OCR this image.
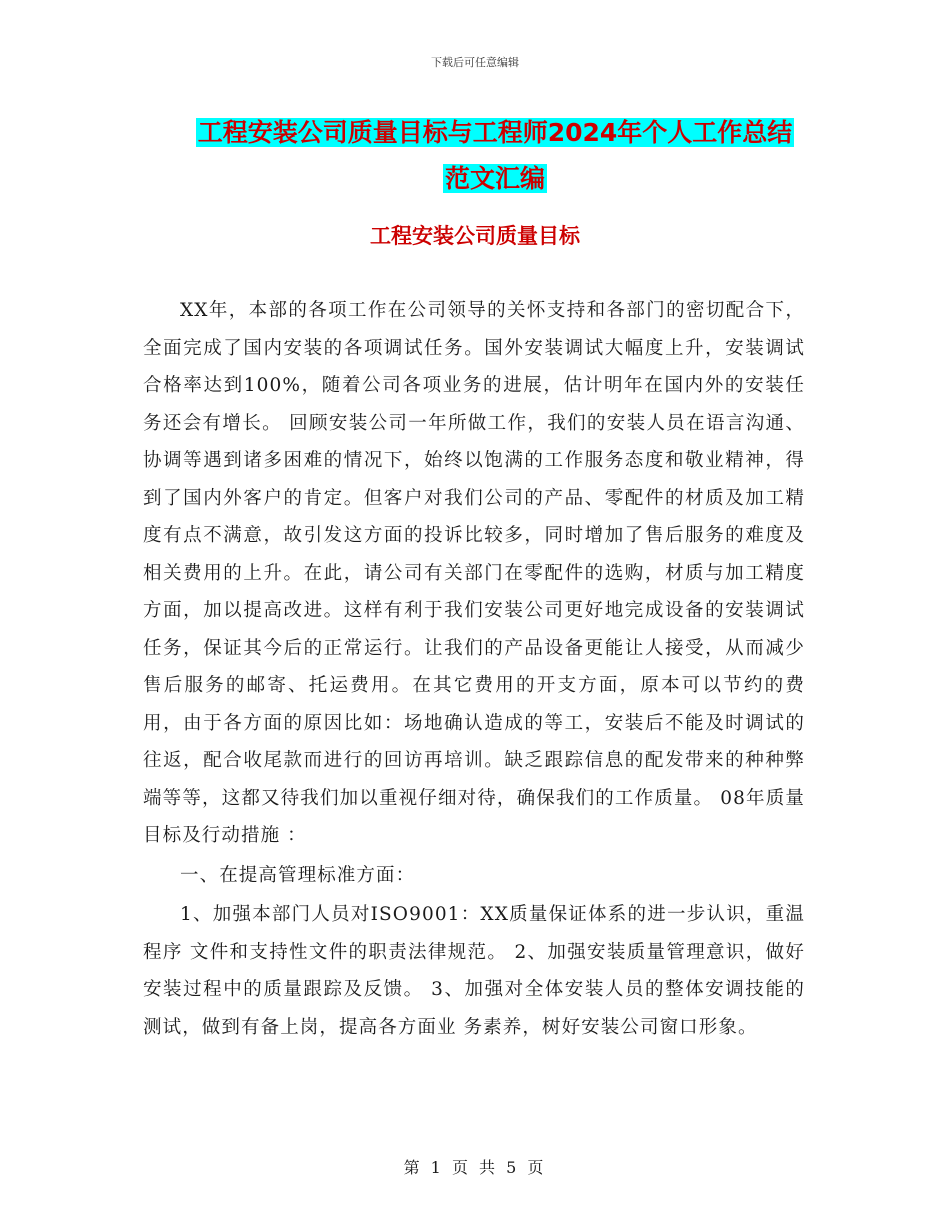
下载后可任意编辑
工程安装公司质量目标与工程师2024年个人工作总结
范文汇编
工程安装公司质量目标

XX年，本部的各项工作在公司领导的关怀支持和各部门的密切配合下，全面完成了国内安装的各项调试任务。国外安装调试大幅度上升，安装调试合格率达到100%，随着公司各项业务的进展，估计明年在国内外的安装任务还会有增长。 回顾安装公司一年所做工作，我们的安装人员在语言沟通、协调等遇到诸多困难的情况下，始终以饱满的工作服务态度和敬业精神，得到了国内外客户的肯定。但客户对我们公司的产品、零配件的材质及加工精度有点不满意，故引发这方面的投诉比较多，同时增加了售后服务的难度及相关费用的上升。在此，请公司有关部门在零配件的选购，材质与加工精度方面，加以提高改进。这样有利于我们安装公司更好地完成设备的安装调试任务，保证其今后的正常运行。让我们的产品设备更能让人接受，从而减少售后服务的邮寄、托运费用。在其它费用的开支方面，原本可以节约的费用，由于各方面的原因比如：场地确认造成的等工，安装后不能及时调试的往返，配合收尾款而进行的回访再培训。缺乏跟踪信息的配发带来的种种弊端等等，这都又待我们加以重视仔细对待，确保我们的工作质量。 08年质量目标及行动措施 ：

一、在提高管理标准方面：

1、加强本部门人员对ISO9001：XX质量保证体系的进一步认识，重温程序 文件和支持性文件的职责法律规范。 2、加强安装质量管理意识，做好安装过程中的质量跟踪及反馈。 3、加强对全体安装人员的整体安调技能的测试，做到有备上岗，提高各方面业 务素养，树好安装公司窗口形象。

第 1 页 共 5 页
